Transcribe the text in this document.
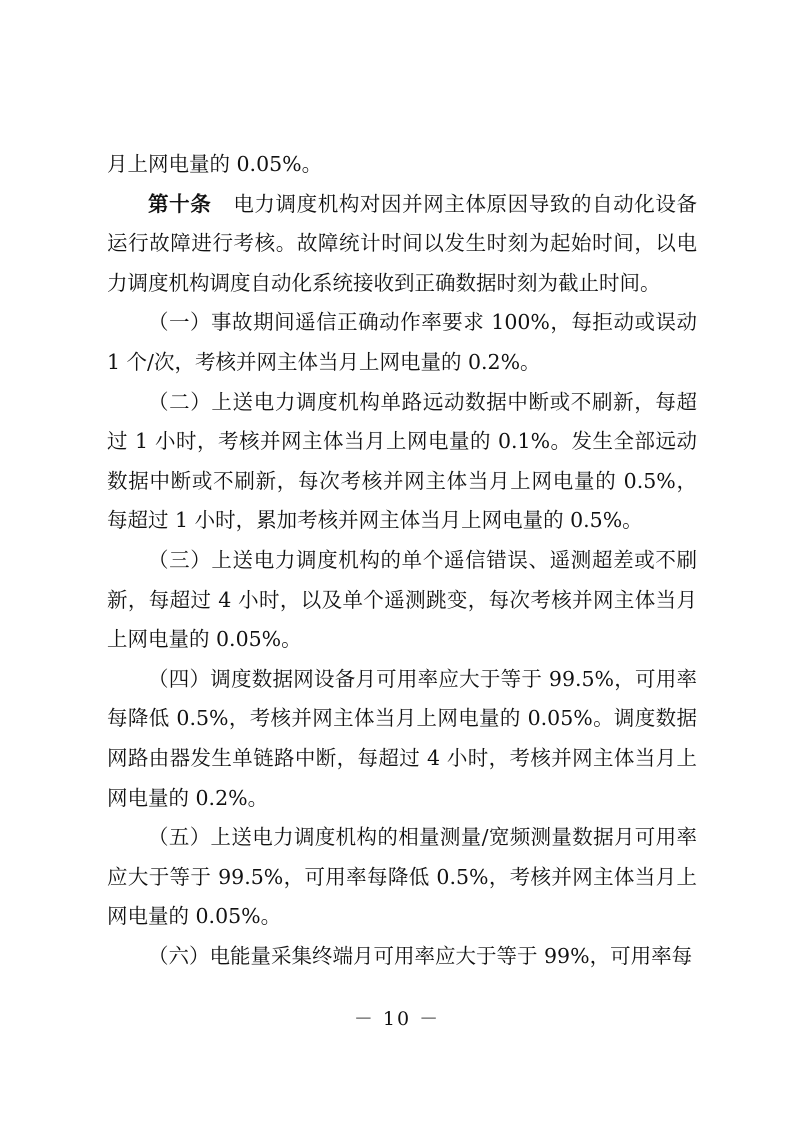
月上网电量的 0.05%。

第十条 电力调度机构对因并网主体原因导致的自动化设备运行故障进行考核。故障统计时间以发生时刻为起始时间，以电力调度机构调度自动化系统接收到正确数据时刻为截止时间。

（一）事故期间遥信正确动作率要求 100%，每拒动或误动 1 个/次，考核并网主体当月上网电量的 0.2%。

（二）上送电力调度机构单路远动数据中断或不刷新，每超过 1 小时，考核并网主体当月上网电量的 0.1%。发生全部远动数据中断或不刷新，每次考核并网主体当月上网电量的 0.5%，每超过 1 小时，累加考核并网主体当月上网电量的 0.5%。

（三）上送电力调度机构的单个遥信错误、遥测超差或不刷新，每超过 4 小时，以及单个遥测跳变，每次考核并网主体当月上网电量的 0.05%。

（四）调度数据网设备月可用率应大于等于 99.5%，可用率每降低 0.5%，考核并网主体当月上网电量的 0.05%。调度数据网路由器发生单链路中断，每超过 4 小时，考核并网主体当月上网电量的 0.2%。

（五）上送电力调度机构的相量测量/宽频测量数据月可用率应大于等于 99.5%，可用率每降低 0.5%，考核并网主体当月上网电量的 0.05%。

（六）电能量采集终端月可用率应大于等于 99%，可用率每

－ 10 －
